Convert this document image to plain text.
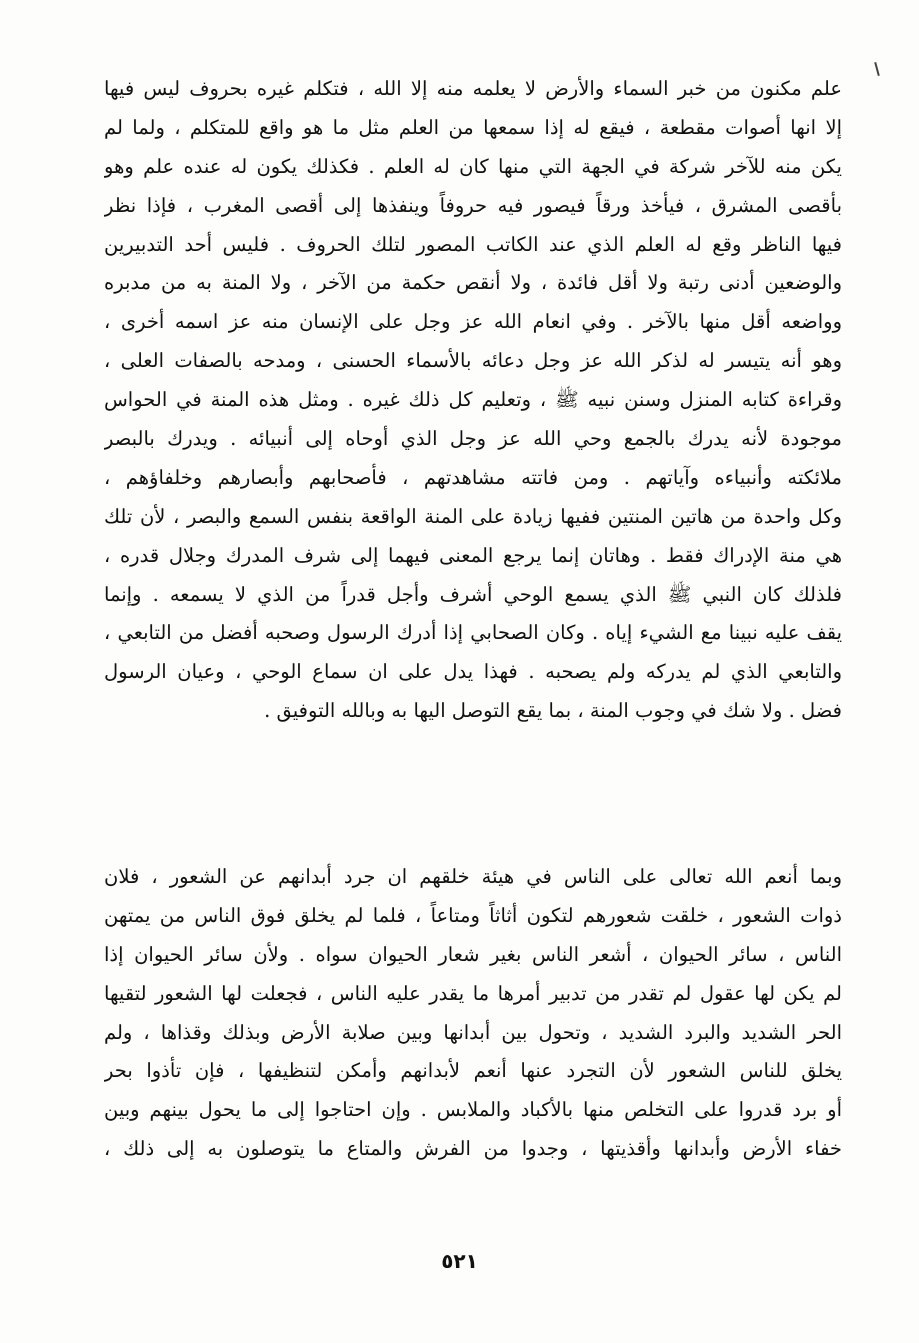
علم مكنون من خبر السماء والأرض لا يعلمه منه إلا الله ، فتكلم غيره بحروف ليس فيها
إلا انها أصوات مقطعة ، فيقع له إذا سمعها من العلم مثل ما هو واقع للمتكلم ، ولما لم
يكن منه للآخر شركة في الجهة التي منها كان له العلم . فكذلك يكون له عنده علم وهو
بأقصى المشرق ، فيأخذ ورقاً فيصور فيه حروفاً وينفذها إلى أقصى المغرب ، فإذا نظر
فيها الناظر وقع له العلم الذي عند الكاتب المصور لتلك الحروف . فليس أحد التدبيرين
والوضعين أدنى رتبة ولا أقل فائدة ، ولا أنقص حكمة من الآخر ، ولا المنة به من مدبره
وواضعه أقل منها بالآخر . وفي انعام الله عز وجل على الإنسان منه عز اسمه أخرى ،
وهو أنه يتيسر له لذكر الله عز وجل دعائه بالأسماء الحسنى ، ومدحه بالصفات العلى ،
وقراءة كتابه المنزل وسنن نبيه ﷺ ، وتعليم كل ذلك غيره . ومثل هذه المنة في الحواس
موجودة لأنه يدرك بالجمع وحي الله عز وجل الذي أوحاه إلى أنبيائه . ويدرك بالبصر
ملائكته وأنبياءه وآياتهم . ومن فاتته مشاهدتهم ، فأصحابهم وأبصارهم وخلفاؤهم ،
وكل واحدة من هاتين المنتين ففيها زيادة على المنة الواقعة بنفس السمع والبصر ، لأن تلك
هي منة الإدراك فقط . وهاتان إنما يرجع المعنى فيهما إلى شرف المدرك وجلال قدره ،
فلذلك كان النبي ﷺ الذي يسمع الوحي أشرف وأجل قدراً من الذي لا يسمعه . وإنما
يقف عليه نبينا مع الشيء إياه . وكان الصحابي إذا أدرك الرسول وصحبه أفضل من التابعي ،
والتابعي الذي لم يدركه ولم يصحبه . فهذا يدل على ان سماع الوحي ، وعيان الرسول
فضل . ولا شك في وجوب المنة ، بما يقع التوصل اليها به وبالله التوفيق .
وبما أنعم الله تعالى على الناس في هيئة خلقهم ان جرد أبدانهم عن الشعور ، فلان
ذوات الشعور ، خلقت شعورهم لتكون أثاثاً ومتاعاً ، فلما لم يخلق فوق الناس من يمتهن
الناس ، سائر الحيوان ، أشعر الناس بغير شعار الحيوان سواه . ولأن سائر الحيوان إذا
لم يكن لها عقول لم تقدر من تدبير أمرها ما يقدر عليه الناس ، فجعلت لها الشعور لتقيها
الحر الشديد والبرد الشديد ، وتحول بين أبدانها وبين صلابة الأرض وبذلك وقذاها ، ولم
يخلق للناس الشعور لأن التجرد عنها أنعم لأبدانهم وأمكن لتنظيفها ، فإن تأذوا بحر
أو برد قدروا على التخلص منها بالأكباد والملابس . وإن احتاجوا إلى ما يحول بينهم وبين
خفاء الأرض وأبدانها وأقذيتها ، وجدوا من الفرش والمتاع ما يتوصلون به إلى ذلك ،
٥٢١
